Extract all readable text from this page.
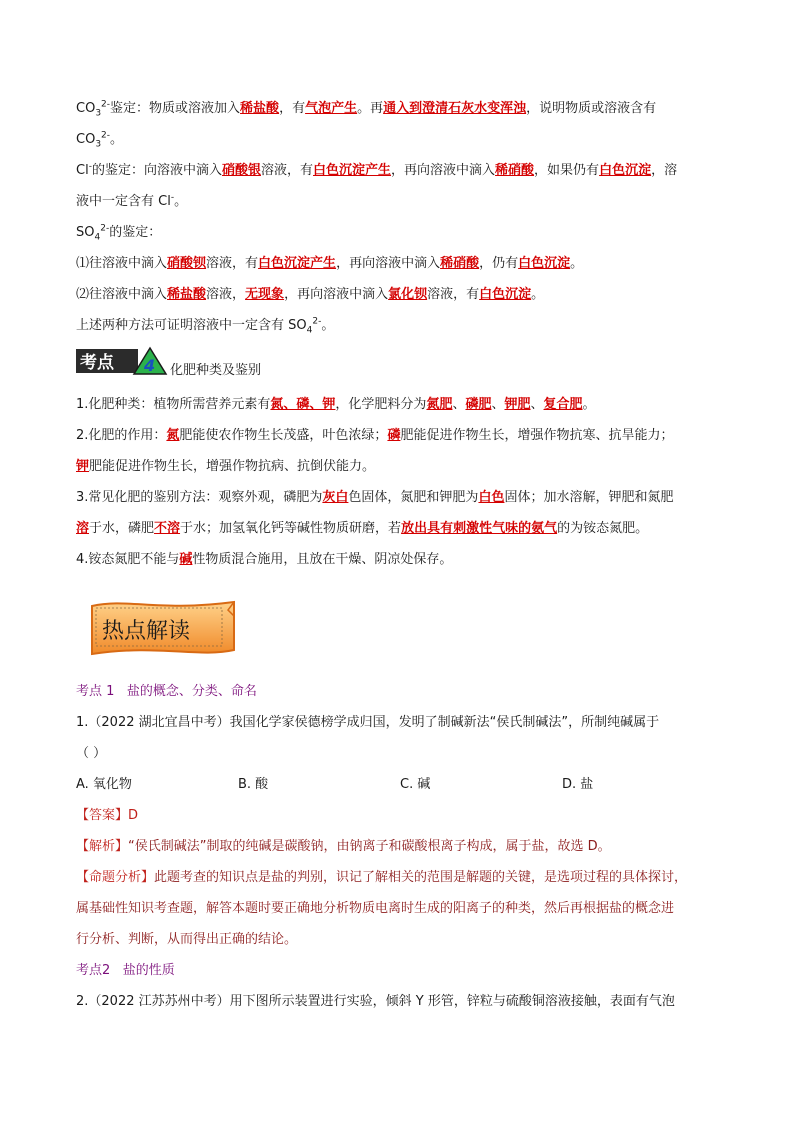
$CO_3^{2-}$鉴定：物质或溶液加入稀盐酸，有气泡产生。再通入到澄清石灰水变浑浊，说明物质或溶液含有
$CO_3^{2-}$。
Cl-的鉴定：向溶液中滴入硝酸银溶液，有白色沉淀产生，再向溶液中滴入稀硝酸，如果仍有白色沉淀，溶
液中一定含有 Cl-。
$SO_4^{2-}$的鉴定：
⑴往溶液中滴入硝酸钡溶液，有白色沉淀产生，再向溶液中滴入稀硝酸，仍有白色沉淀。
⑵往溶液中滴入稀盐酸溶液，无现象，再向溶液中滴入氯化钡溶液，有白色沉淀。
上述两种方法可证明溶液中一定含有 $SO_4^{2-}$。
考点 4 化肥种类及鉴别
1.化肥种类：植物所需营养元素有氮、磷、钾，化学肥料分为氮肥、磷肥、钾肥、复合肥。
2.化肥的作用：氮肥能使农作物生长茂盛，叶色浓绿；磷肥能促进作物生长，增强作物抗寒、抗旱能力；
钾肥能促进作物生长，增强作物抗病、抗倒伏能力。
3.常见化肥的鉴别方法：观察外观，磷肥为灰白色固体，氮肥和钾肥为白色固体；加水溶解，钾肥和氮肥
溶于水，磷肥不溶于水；加氢氧化钙等碱性物质研磨，若放出具有刺激性气味的氨气的为铵态氮肥。
4.铵态氮肥不能与碱性物质混合施用，且放在干燥、阴凉处保存。
热点解读
考点 1 盐的概念、分类、命名
1.（2022 湖北宜昌中考）我国化学家侯德榜学成归国，发明了制碱新法“侯氏制碱法”，所制纯碱属于
（ ）
A. 氧化物	B. 酸	C. 碱	D. 盐
【答案】D
【解析】“侯氏制碱法”制取的纯碱是碳酸钠，由钠离子和碳酸根离子构成，属于盐，故选 D。
【命题分析】此题考查的知识点是盐的判别，识记了解相关的范围是解题的关键，是选项过程的具体探讨，
属基础性知识考查题，解答本题时要正确地分析物质电离时生成的阳离子的种类，然后再根据盐的概念进
行分析、判断，从而得出正确的结论。
考点2 盐的性质
2.（2022 江苏苏州中考）用下图所示装置进行实验，倾斜 Y 形管，锌粒与硫酸铜溶液接触，表面有气泡
